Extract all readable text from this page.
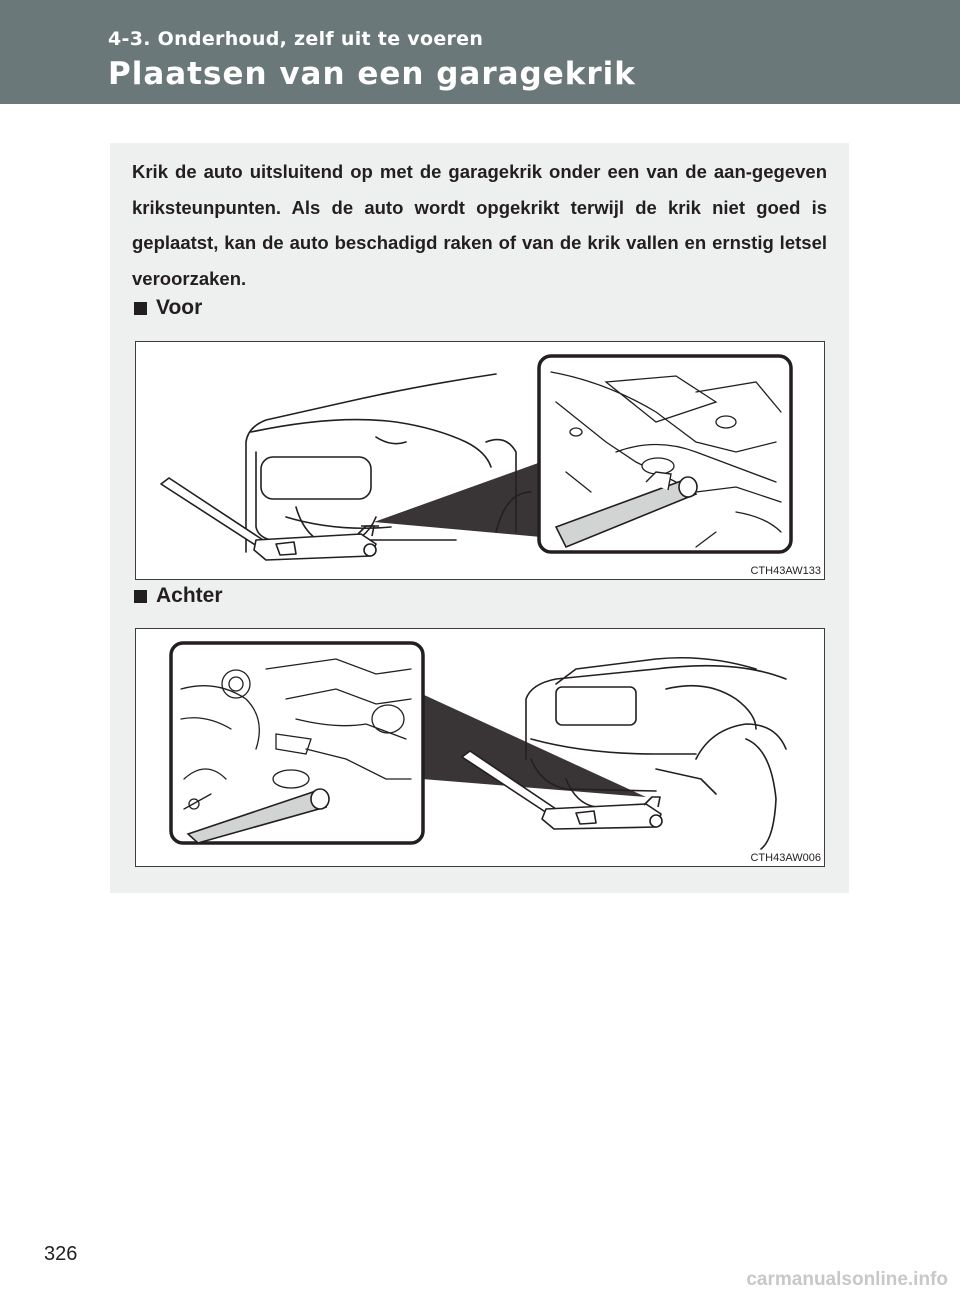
4-3. Onderhoud, zelf uit te voeren
Plaatsen van een garagekrik

Krik de auto uitsluitend op met de garagekrik onder een van de aan-gegeven kriksteunpunten. Als de auto wordt opgekrikt terwijl de krik niet goed is geplaatst, kan de auto beschadigd raken of van de krik vallen en ernstig letsel veroorzaken.

Voor
CTH43AW133
Achter
CTH43AW006
326
carmanualsonline.info
